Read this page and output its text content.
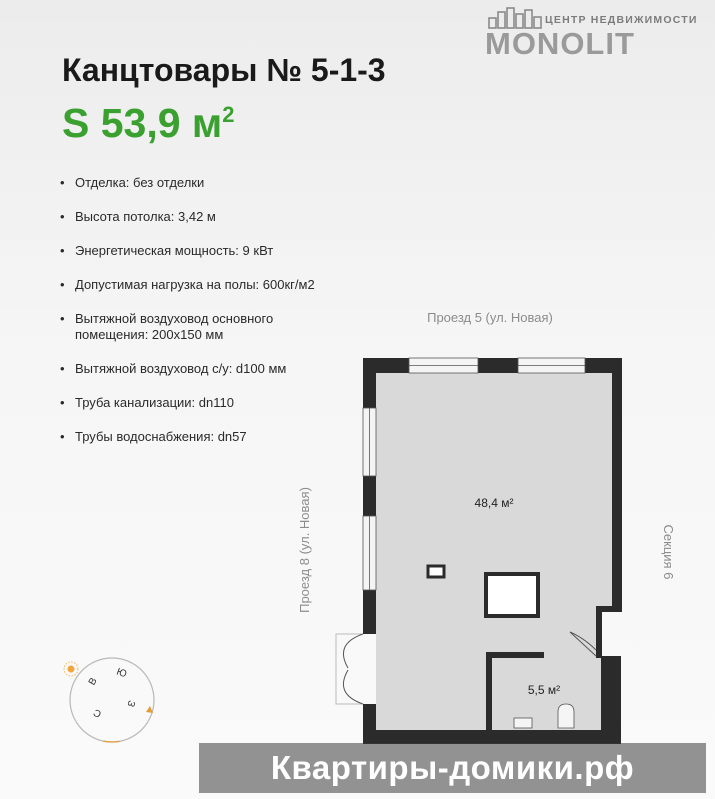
ЦЕНТР НЕДВИЖИМОСТИ
MONOLIT
Канцтовары № 5-1-3
S 53,9 $м^2$
• Отделка: без отделки
• Высота потолка: 3,42 м
• Энергетическая мощность: 9 кВт
• Допустимая нагрузка на полы: 600кг/м2
• Вытяжной воздуховод основного помещения: 200х150 мм
• Вытяжной воздуховод с/у: d100 мм
• Труба канализации: dn110
• Трубы водоснабжения: dn57
48,4 м²
5,5 м²
Проезд 5 (ул. Новая)
Проезд 8 (ул. Новая)	Секция 6
Ю
В
З
С
Квартиры-домики.рф
